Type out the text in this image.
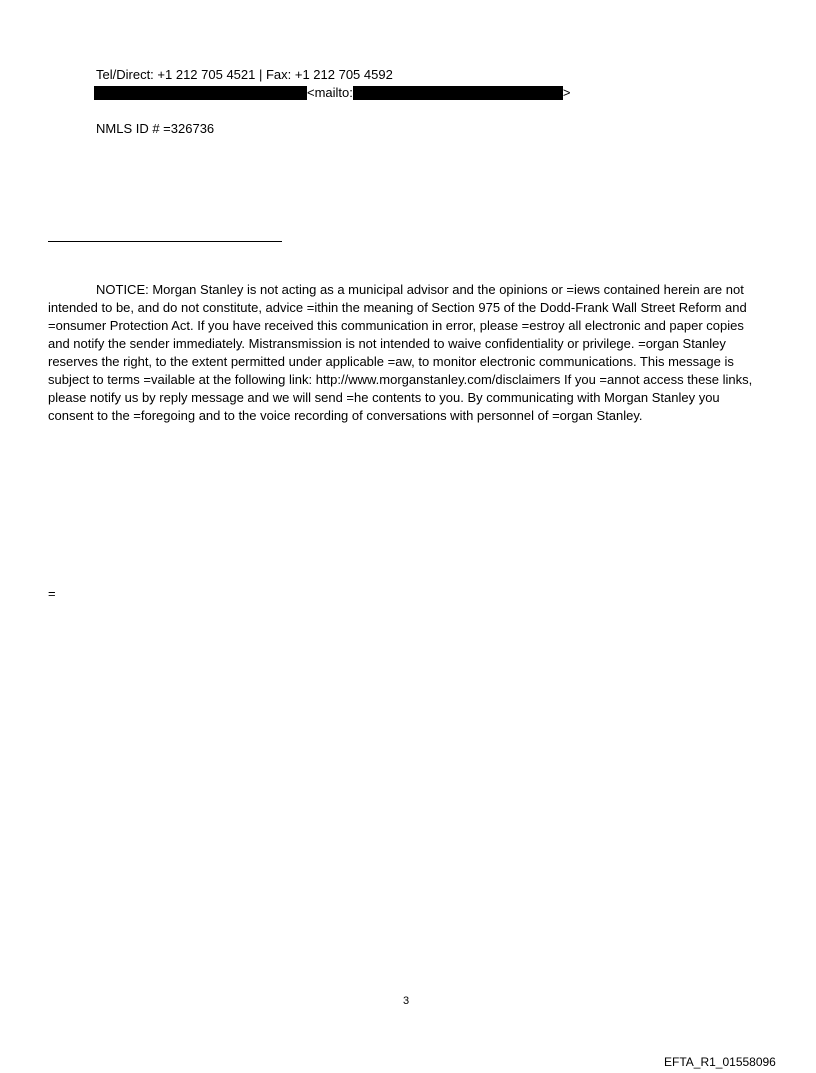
Tel/Direct: +1 212 705 4521 | Fax: +1 212 705 4592
<mailto:	>
NMLS ID # =326736

NOTICE: Morgan Stanley is not acting as a municipal advisor and the opinions or =iews contained herein are not intended to be, and do not constitute, advice =ithin the meaning of Section 975 of the Dodd-Frank Wall Street Reform and =onsumer Protection Act. If you have received this communication in error, please =estroy all electronic and paper copies and notify the sender immediately. Mistransmission is not intended to waive confidentiality or privilege. =organ Stanley reserves the right, to the extent permitted under applicable =aw, to monitor electronic communications. This message is subject to terms =vailable at the following link: http://www.morganstanley.com/disclaimers If you =annot access these links, please notify us by reply message and we will send =he contents to you. By communicating with Morgan Stanley you consent to the =foregoing and to the voice recording of conversations with personnel of =organ Stanley.

=
3
EFTA_R1_01558096
